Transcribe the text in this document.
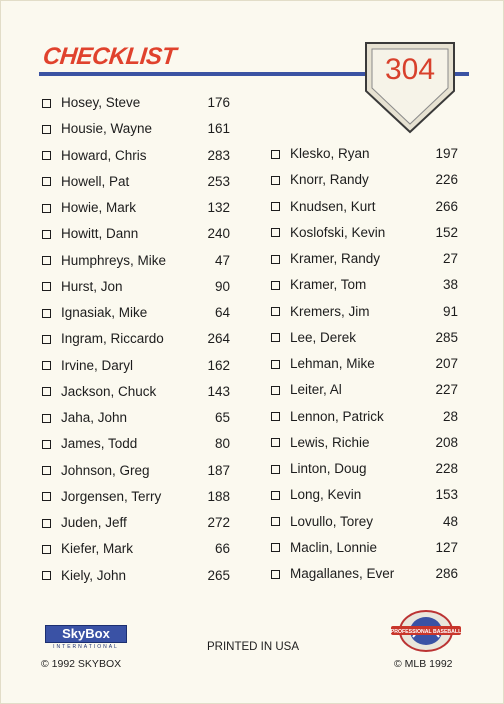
CHECKLIST	304
Hosey, Steve	176
Housie, Wayne	161
Howard, Chris	283
Howell, Pat	253
Howie, Mark	132
Howitt, Dann	240
Humphreys, Mike	47
Hurst, Jon	90
Ignasiak, Mike	64
Ingram, Riccardo	264
Irvine, Daryl	162
Jackson, Chuck	143
Jaha, John	65
James, Todd	80
Johnson, Greg	187
Jorgensen, Terry	188
Juden, Jeff	272
Kiefer, Mark	66
Kiely, John	265
Klesko, Ryan	197
Knorr, Randy	226
Knudsen, Kurt	266
Koslofski, Kevin	152
Kramer, Randy	27
Kramer, Tom	38
Kremers, Jim	91
Lee, Derek	285
Lehman, Mike	207
Leiter, Al	227
Lennon, Patrick	28
Lewis, Richie	208
Linton, Doug	228
Long, Kevin	153
Lovullo, Torey	48
Maclin, Lonnie	127
Magallanes, Ever	286
SkyBox
INTERNATIONAL
© 1992 SKYBOX
PRINTED IN USA
© MLB 1992
PROFESSIONAL BASEBALL
